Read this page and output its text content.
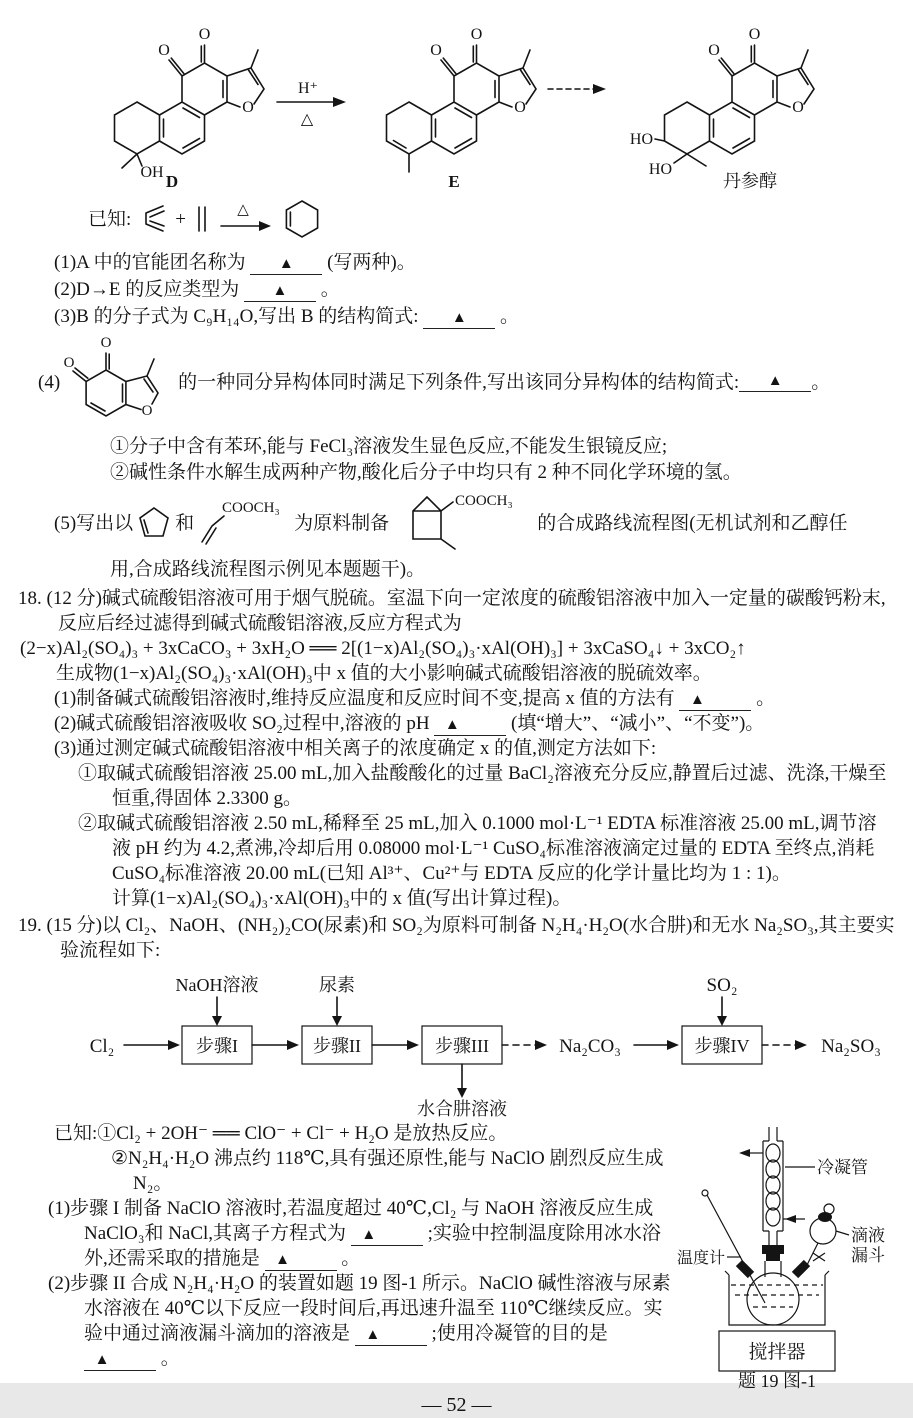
O
O
O
OH D
H⁺
△
O
O
O
E
O
O
O
HO
HO
丹参醇
已知: +	△
(1)A 中的官能团名称为 ▲ (写两种)。
(2)D→E 的反应类型为 ▲ 。
(3)B 的分子式为 C₉H₁₄O,写出 B 的结构简式: ▲ 。
(4)
O
O
O
的一种同分异构体同时满足下列条件,写出该同分异构体的结构简式:	▲	。
①分子中含有苯环,能与 FeCl₃溶液发生显色反应,不能发生银镜反应;
②碱性条件水解生成两种产物,酸化后分子中均只有 2 种不同化学环境的氢。
(5)写出以 和
COOCH₃
为原料制备
COOCH₃
的合成路线流程图(无机试剂和乙醇任
用,合成路线流程图示例见本题题干)。
18. (12 分)碱式硫酸铝溶液可用于烟气脱硫。室温下向一定浓度的硫酸铝溶液中加入一定量的碳酸钙粉末,反应后经过滤得到碱式硫酸铝溶液,反应方程式为
(2−x)Al₂(SO₄)₃ + 3xCaCO₃ + 3xH₂O ══ 2[(1−x)Al₂(SO₄)₃·xAl(OH)₃] + 3xCaSO₄↓ + 3xCO₂↑
生成物(1−x)Al₂(SO₄)₃·xAl(OH)₃中 x 值的大小影响碱式硫酸铝溶液的脱硫效率。
(1)制备碱式硫酸铝溶液时,维持反应温度和反应时间不变,提高 x 值的方法有 ▲	。
(2)碱式硫酸铝溶液吸收 SO₂过程中,溶液的 pH ▲	(填“增大”、“减小”、“不变”)。
(3)通过测定碱式硫酸铝溶液中相关离子的浓度确定 x 的值,测定方法如下:
①取碱式硫酸铝溶液 25.00 mL,加入盐酸酸化的过量 BaCl₂溶液充分反应,静置后过滤、洗涤,干燥至恒重,得固体 2.3300 g。
②取碱式硫酸铝溶液 2.50 mL,稀释至 25 mL,加入 0.1000 mol·L⁻¹ EDTA 标准溶液 25.00 mL,调节溶液 pH 约为 4.2,煮沸,冷却后用 0.08000 mol·L⁻¹ CuSO₄标准溶液滴定过量的 EDTA 至终点,消耗 CuSO₄标准溶液 20.00 mL(已知 Al³⁺、Cu²⁺与 EDTA 反应的化学计量比均为 1 : 1)。
计算(1−x)Al₂(SO₄)₃·xAl(OH)₃中的 x 值(写出计算过程)。
19. (15 分)以 Cl₂、NaOH、(NH₂)₂CO(尿素)和 SO₂为原料可制备 N₂H₄·H₂O(水合肼)和无水 Na₂SO₃,其主要实验流程如下:
Cl₂	步骤I	步骤II	步骤III	Na₂CO₃	步骤IV	Na₂SO₃
NaOH溶液	尿素	SO₂
水合肼溶液
冷凝管
温度计
滴液
漏斗
搅拌器
题 19 图-1
已知:①Cl₂ + 2OH⁻ ══ ClO⁻ + Cl⁻ + H₂O 是放热反应。
②N₂H₄·H₂O 沸点约 118℃,具有强还原性,能与 NaClO 剧烈反应生成 N₂。
(1)步骤 I 制备 NaClO 溶液时,若温度超过 40℃,Cl₂ 与 NaOH 溶液反应生成 NaClO₃和 NaCl,其离子方程式为 ▲	;实验中控制温度除用冰水浴外,还需采取的措施是 ▲	。
(2)步骤 II 合成 N₂H₄·H₂O 的装置如题 19 图-1 所示。NaClO 碱性溶液与尿素水溶液在 40℃以下反应一段时间后,再迅速升温至 110℃继续反应。实验中通过滴液漏斗滴加的溶液是 ▲	;使用冷凝管的目的是 ▲	。
— 52 —
